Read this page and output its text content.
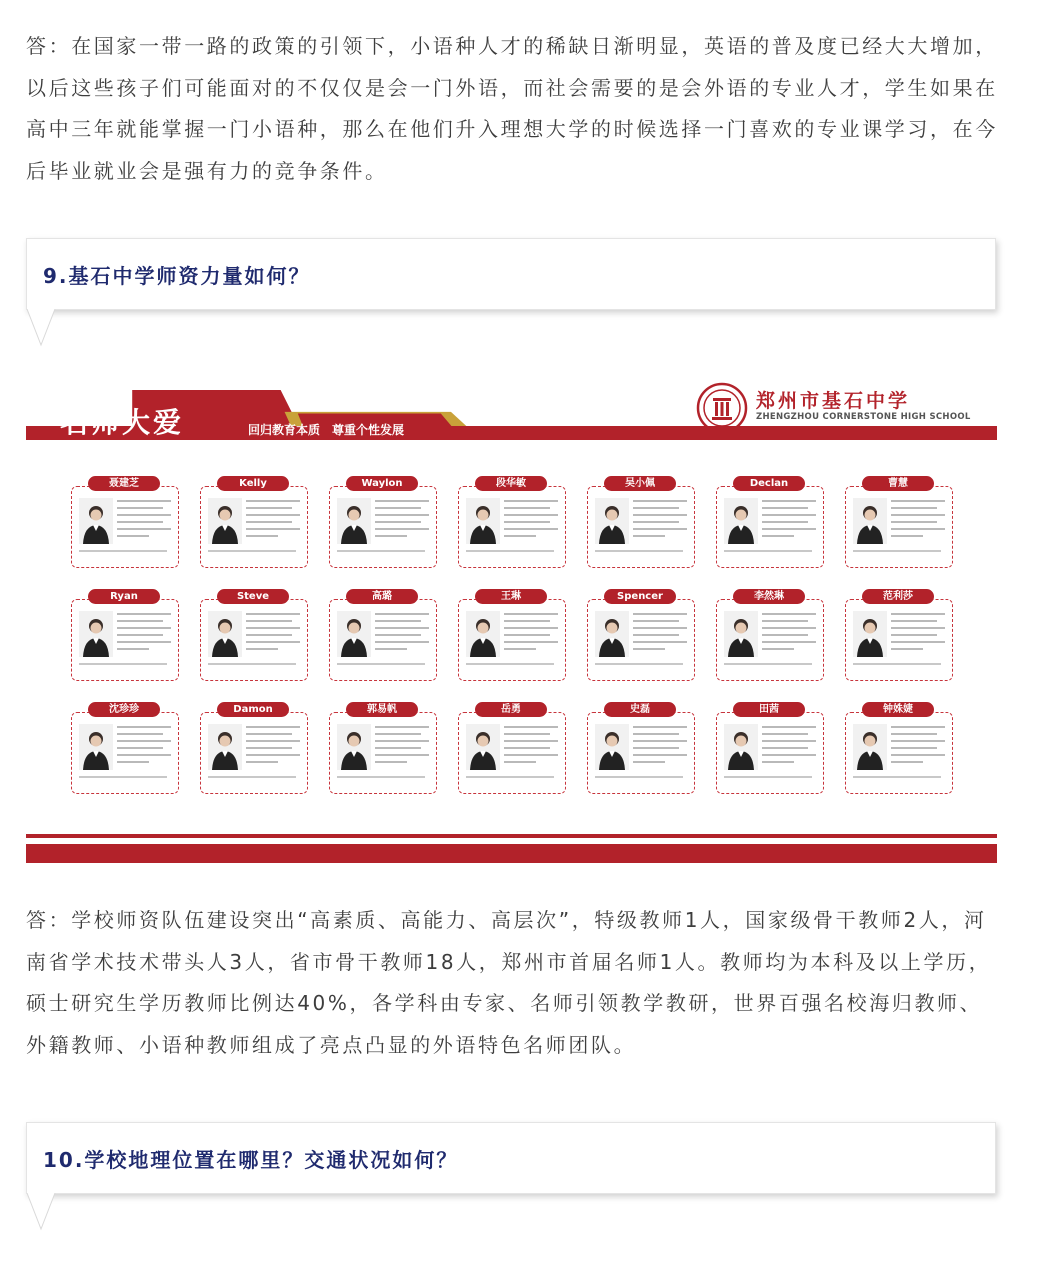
答：在国家一带一路的政策的引领下，小语种人才的稀缺日渐明显，英语的普及度已经大大增加，以后这些孩子们可能面对的不仅仅是会一门外语，而社会需要的是会外语的专业人才，学生如果在高中三年就能掌握一门小语种，那么在他们升入理想大学的时候选择一门喜欢的专业课学习，在今后毕业就业会是强有力的竞争条件。

9.基石中学师资力量如何？
名师大爱	回归教育本质 尊重个性发展
郑州市基石中学
ZHENGZHOU CORNERSTONE HIGH SCHOOL
聂建芝	Kelly	Waylon	段华敏	吴小佩	Declan	曹慧
Ryan	Steve	高璐	王琳	Spencer	李然琳	范利莎
沈珍珍	Damon	郭易帆	岳勇	史磊	田茜	钟姝婕

答：学校师资队伍建设突出“高素质、高能力、高层次”，特级教师1人，国家级骨干教师2人，河南省学术技术带头人3人，省市骨干教师18人，郑州市首届名师1人。教师均为本科及以上学历，硕士研究生学历教师比例达40%，各学科由专家、名师引领教学教研，世界百强名校海归教师、外籍教师、小语种教师组成了亮点凸显的外语特色名师团队。

10.学校地理位置在哪里？交通状况如何？
